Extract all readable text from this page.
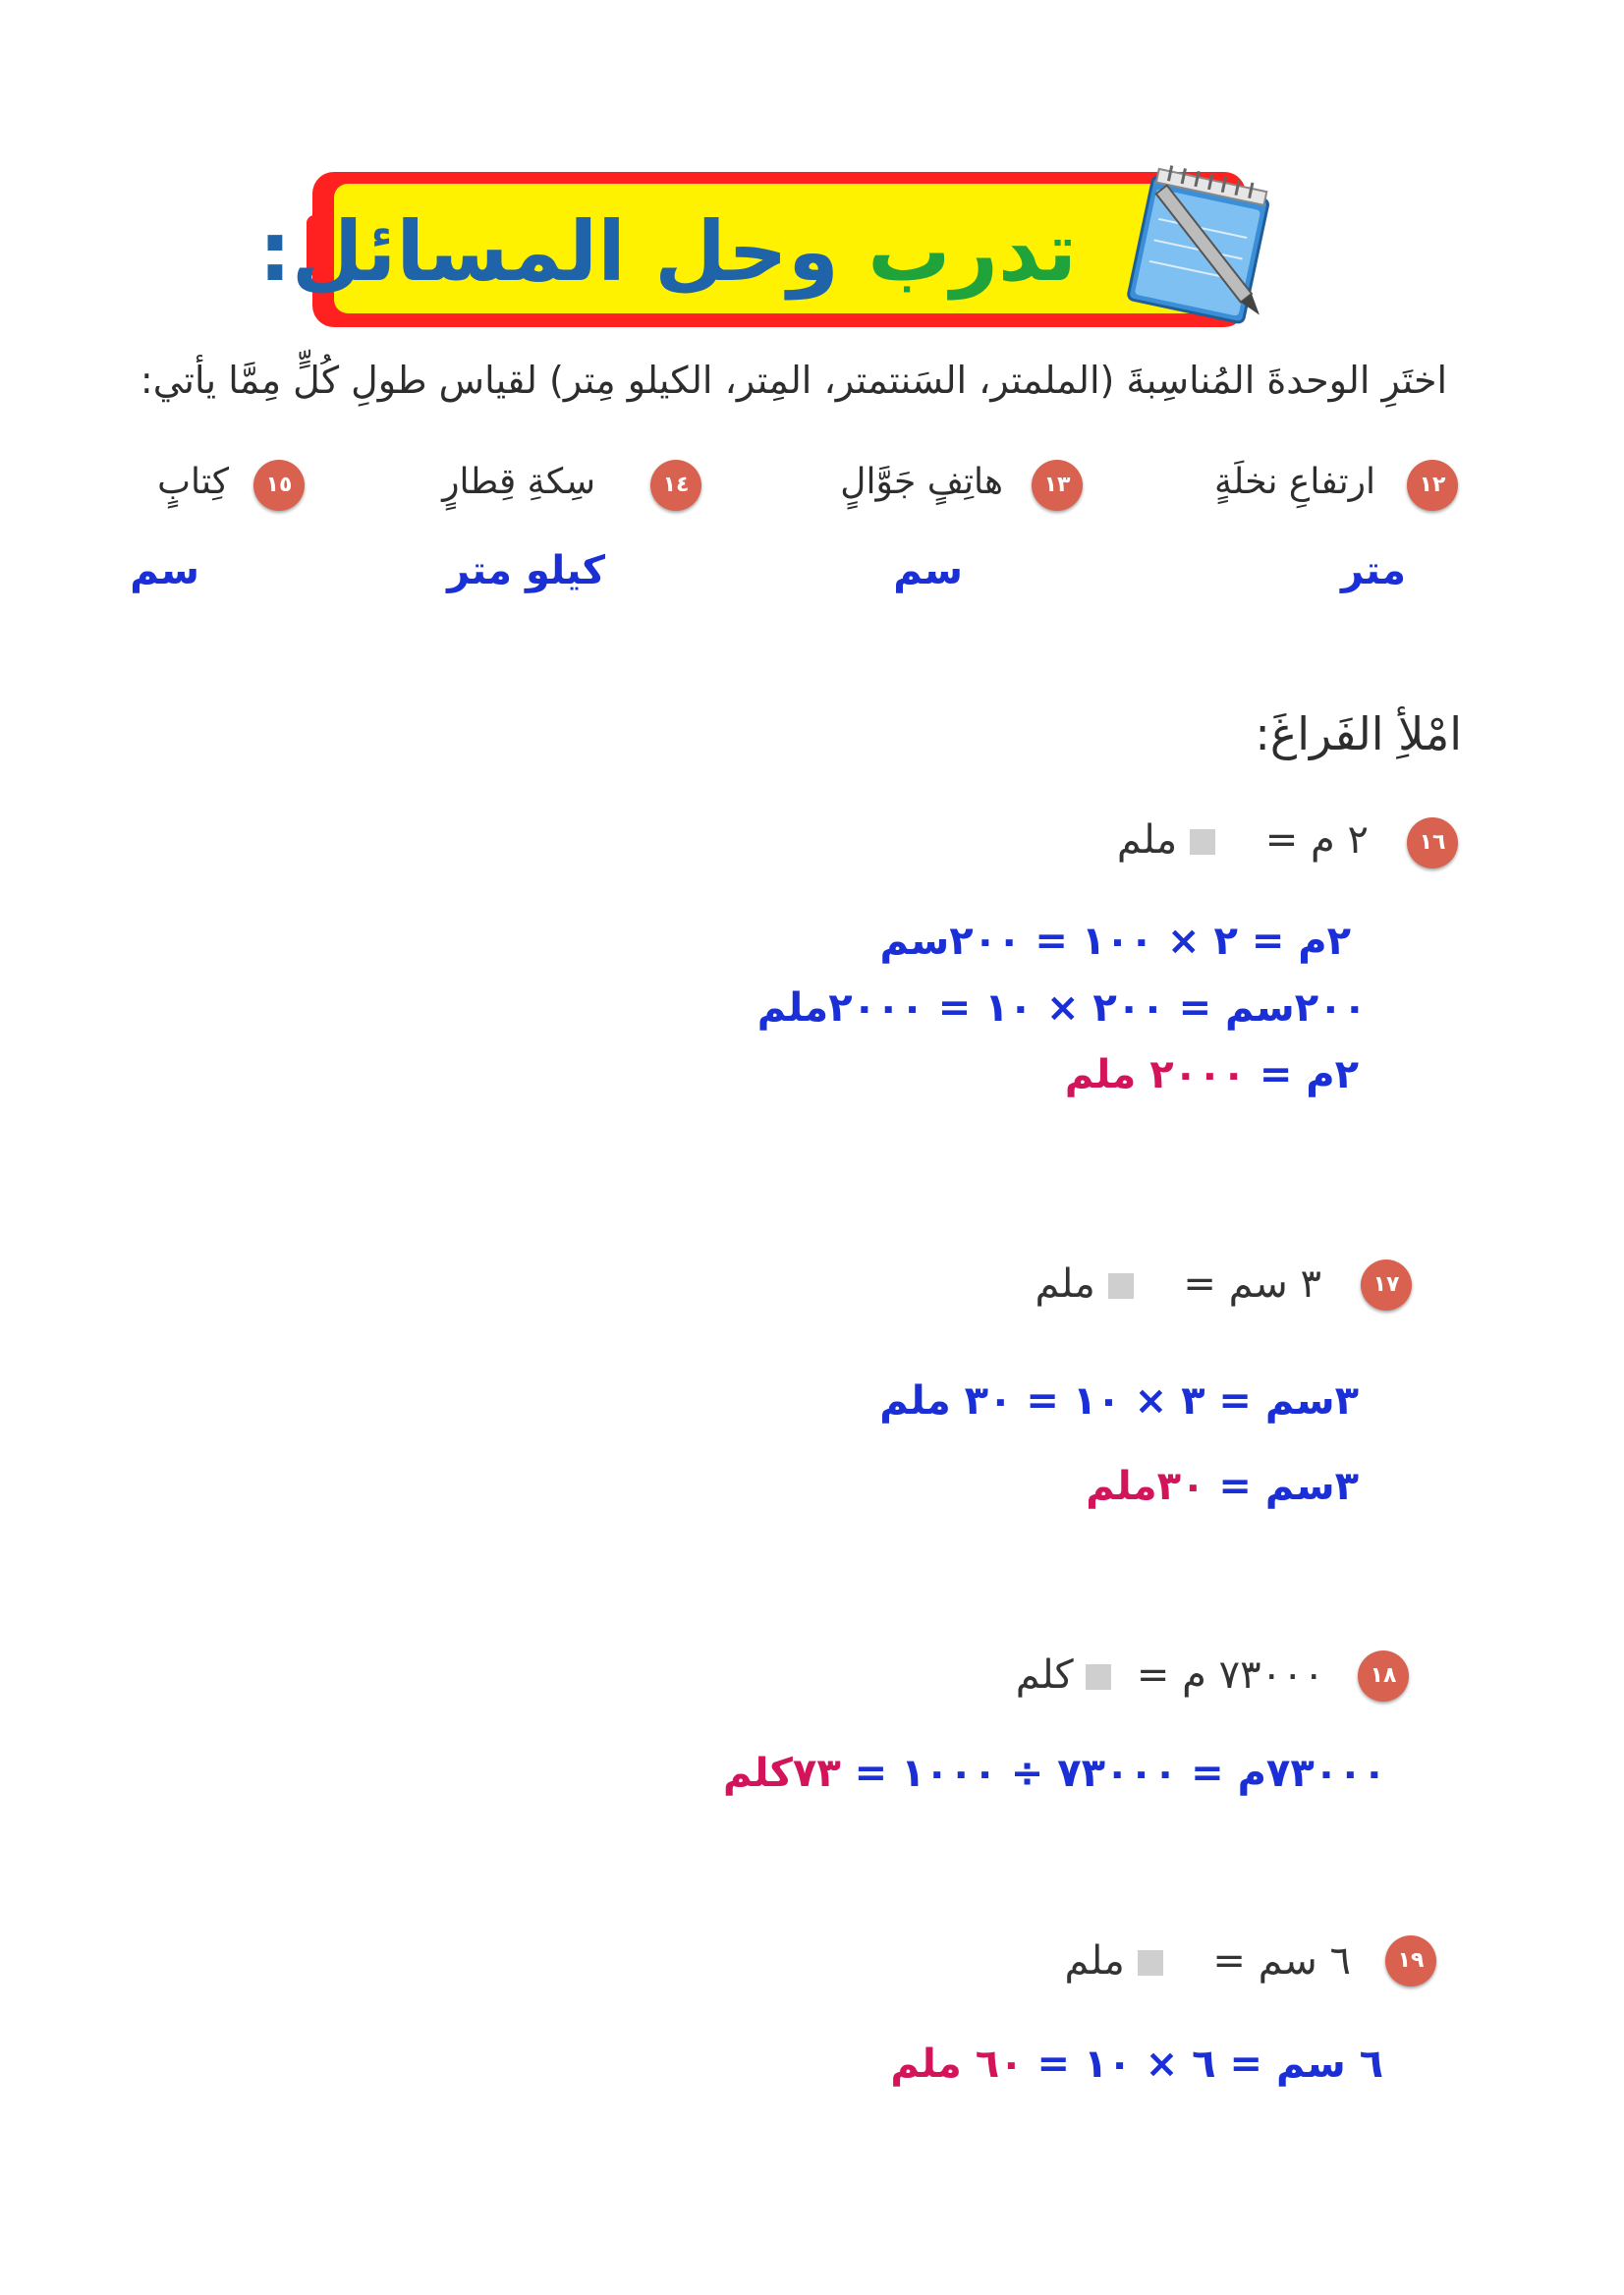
تدرب وحل المسائل:
اختَرِ الوحدةَ المُناسِبةَ (الملمتر، السَنتمتر، المِتر، الكيلو مِتر) لقياس طولِ كُلٍّ مِمَّا يأتي:
١٢
ارتفاعِ نخلَةٍ
متر
١٣
هاتِفٍ جَوَّالٍ
سم
١٤
سِكةِ قِطارٍ
كيلو متر
١٥
كِتابٍ
سم
امْلأِ الفَراغَ:
١٦
٢ م =     ملم
٢م = ٢ × ١٠٠ = ٢٠٠سم
٢٠٠سم = ٢٠٠ × ١٠ = ٢٠٠٠ملم
٢م = ٢٠٠٠ ملم
١٧
٣ سم =     ملم
٣سم = ٣ × ١٠ = ٣٠ ملم
٣سم = ٣٠ملم
١٨
٧٣٠٠٠ م =   كلم
٧٣٠٠٠م = ٧٣٠٠٠ ÷ ١٠٠٠ = ٧٣كلم
١٩
٦ سم =     ملم
٦ سم = ٦ × ١٠ = ٦٠ ملم
